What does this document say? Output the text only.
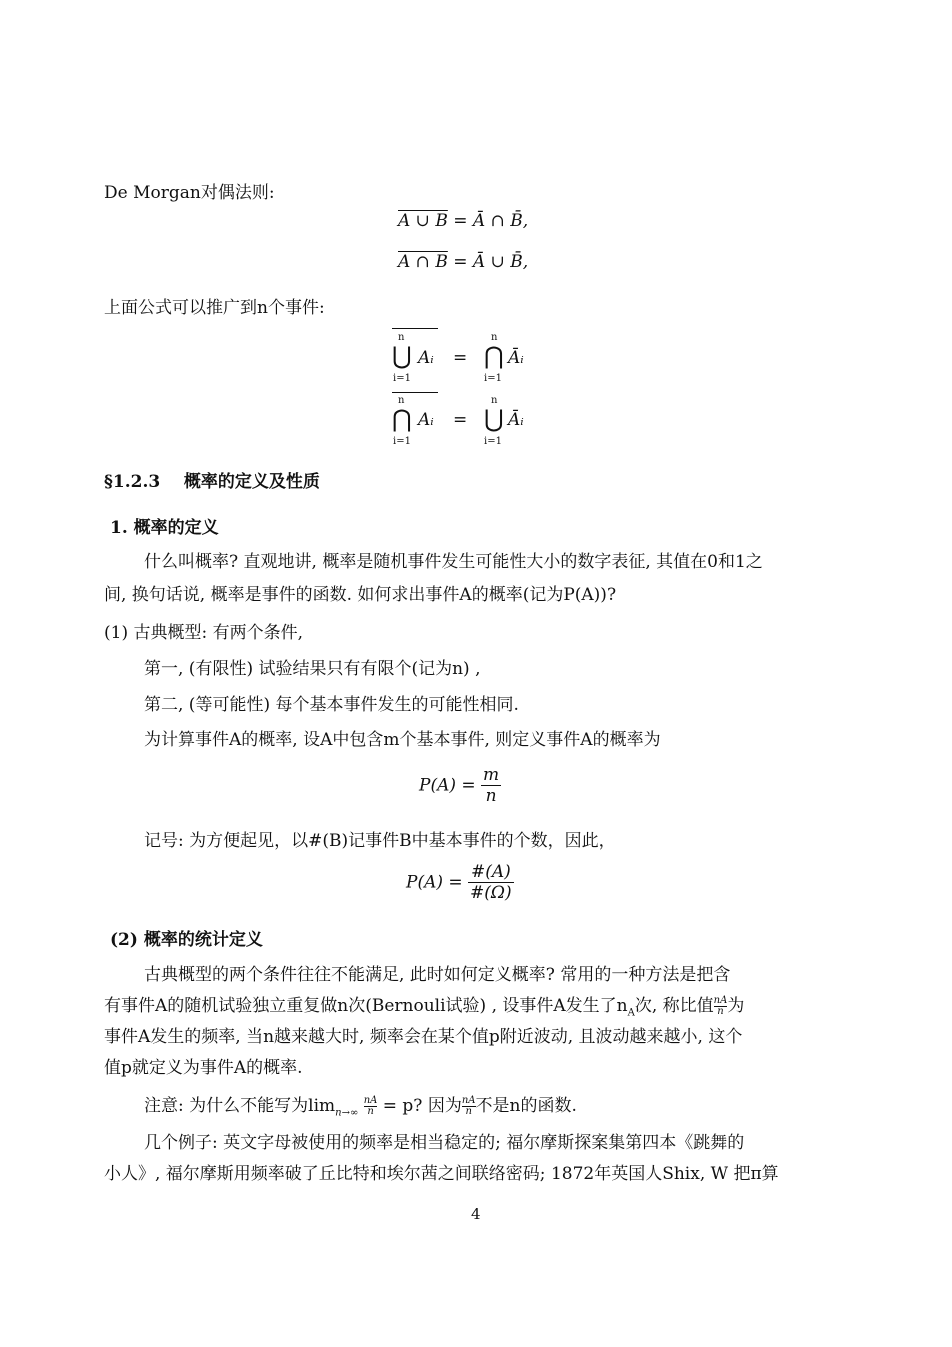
De Morgan对偶法则:
A ∪ B = Ā ∩ B̄,
A ∩ B = Ā ∪ B̄,
上面公式可以推广到n个事件:
n
⋃
i=1
Aᵢ =
n
⋂
i=1
Āᵢ
n
⋂
i=1
Aᵢ =
n
⋃
i=1
Āᵢ
§1.2.3    概率的定义及性质
1. 概率的定义
什么叫概率? 直观地讲, 概率是随机事件发生可能性大小的数字表征, 其值在0和1之
间, 换句话说, 概率是事件的函数. 如何求出事件A的概率(记为P(A))?
(1) 古典概型: 有两个条件,
第一, (有限性) 试验结果只有有限个(记为n) ,
第二, (等可能性) 每个基本事件发生的可能性相同.
为计算事件A的概率, 设A中包含m个基本事件, 则定义事件A的概率为
$P(A) = \frac{m}{n}$
记号: 为方便起见，以#(B)记事件B中基本事件的个数，因此，
$P(A) = \frac{\#(A)}{\#(\Omega)}$
(2) 概率的统计定义
古典概型的两个条件往往不能满足, 此时如何定义概率? 常用的一种方法是把含
有事件A的随机试验独立重复做n次(Bernouli试验) , 设事件A发生了$n_A$次, 称比值 $\frac{nA}{n}$ 为
事件A发生的频率, 当n越来越大时, 频率会在某个值p附近波动, 且波动越来越小, 这个
值p就定义为事件A的概率.
注意: 为什么不能写为$\lim_{n\to\infty} \frac{nA}{n} = p$? 因为 $\frac{nA}{n}$ 不是n的函数.
几个例子: 英文字母被使用的频率是相当稳定的; 福尔摩斯探案集第四本《跳舞的
小人》, 福尔摩斯用频率破了丘比特和埃尔茜之间联络密码; 1872年英国人Shix, W 把π算
4
